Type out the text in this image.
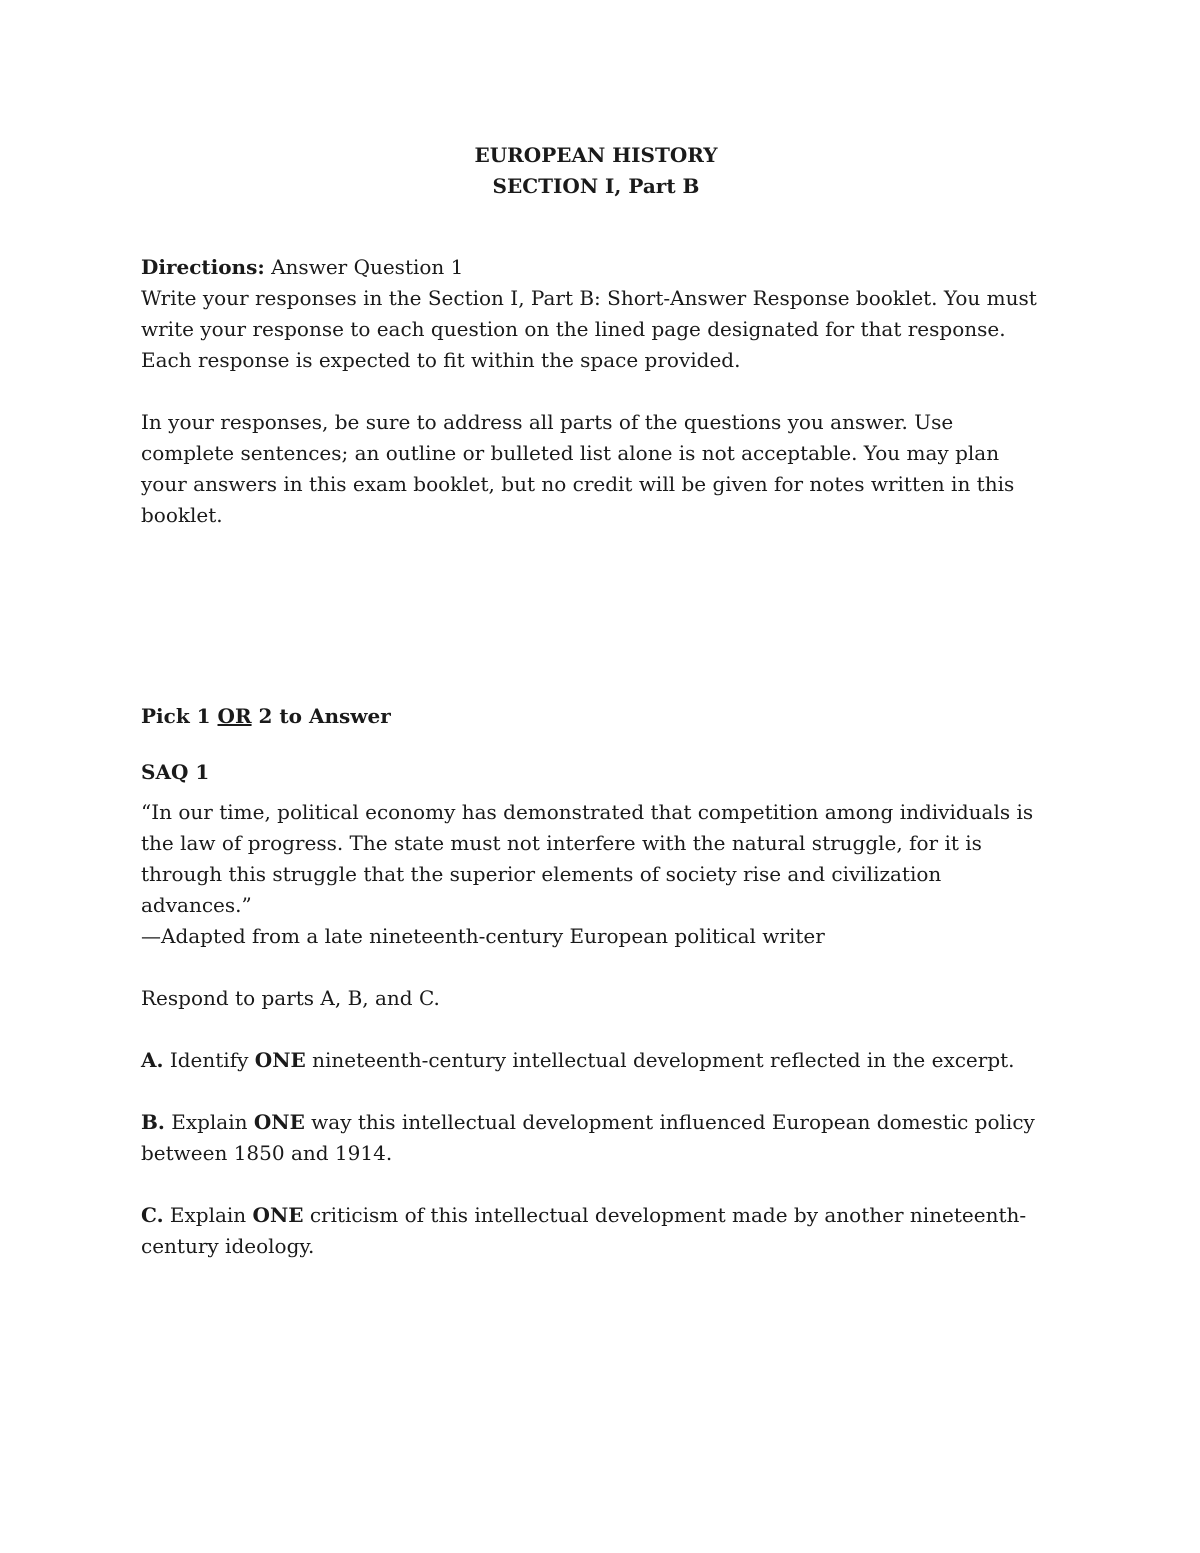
EUROPEAN HISTORY
SECTION I, Part B

Directions: Answer Question 1

Write your responses in the Section I, Part B: Short-Answer Response booklet. You must write your response to each question on the lined page designated for that response. Each response is expected to fit within the space provided.

In your responses, be sure to address all parts of the questions you answer. Use complete sentences; an outline or bulleted list alone is not acceptable. You may plan your answers in this exam booklet, but no credit will be given for notes written in this booklet.

Pick 1 OR 2 to Answer

SAQ 1

“In our time, political economy has demonstrated that competition among individuals is the law of progress. The state must not interfere with the natural struggle, for it is through this struggle that the superior elements of society rise and civilization advances.”

—Adapted from a late nineteenth-century European political writer

Respond to parts A, B, and C.

A. Identify ONE nineteenth-century intellectual development reflected in the excerpt.

B. Explain ONE way this intellectual development influenced European domestic policy between 1850 and 1914.

C. Explain ONE criticism of this intellectual development made by another nineteenth-century ideology.
